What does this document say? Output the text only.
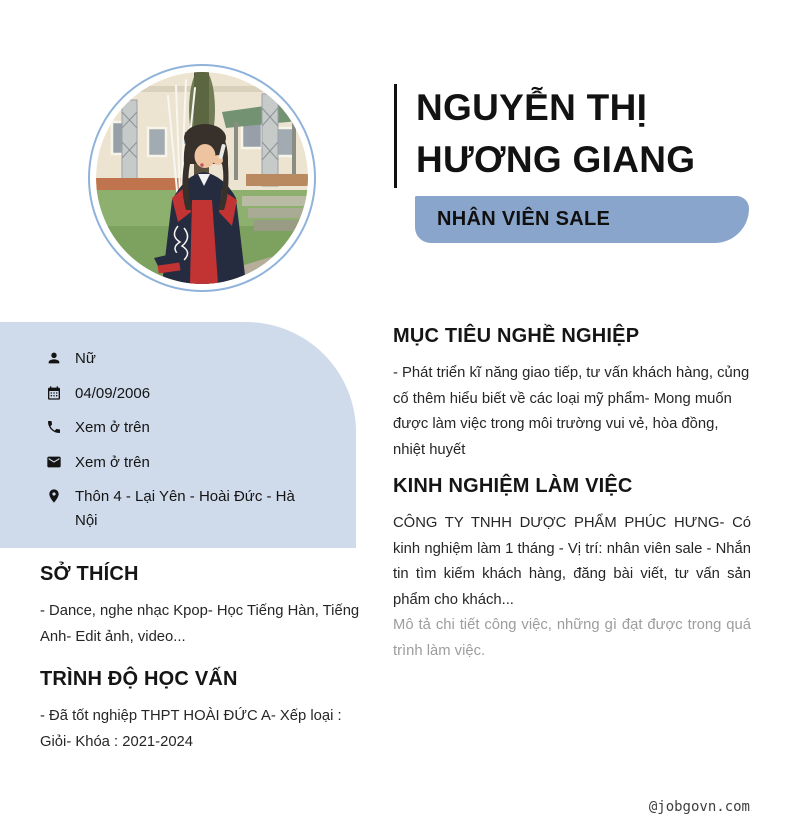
NGUYỄN THỊ
HƯƠNG GIANG
NHÂN VIÊN SALE
Nữ
04/09/2006
Xem ở trên
Xem ở trên
Thôn 4 - Lại Yên - Hoài Đức - Hà Nội
SỞ THÍCH

- Dance, nghe nhạc Kpop- Học Tiếng Hàn, Tiếng Anh- Edit ảnh, video...

TRÌNH ĐỘ HỌC VẤN

- Đã tốt nghiệp THPT HOÀI ĐỨC A- Xếp loại : Giỏi- Khóa : 2021-2024

MỤC TIÊU NGHỀ NGHIỆP

- Phát triển kĩ năng giao tiếp, tư vấn khách hàng, củng cố thêm hiểu biết về các loại mỹ phẩm- Mong muốn được làm việc trong môi trường vui vẻ, hòa đồng, nhiệt huyết

KINH NGHIỆM LÀM VIỆC

CÔNG TY TNHH DƯỢC PHẨM PHÚC HƯNG- Có kinh nghiệm làm 1 tháng - Vị trí: nhân viên sale - Nhắn tin tìm kiếm khách hàng, đăng bài viết, tư vấn sản phẩm cho khách...

Mô tả chi tiết công việc, những gì đạt được trong quá trình làm việc.

@jobgovn.com
